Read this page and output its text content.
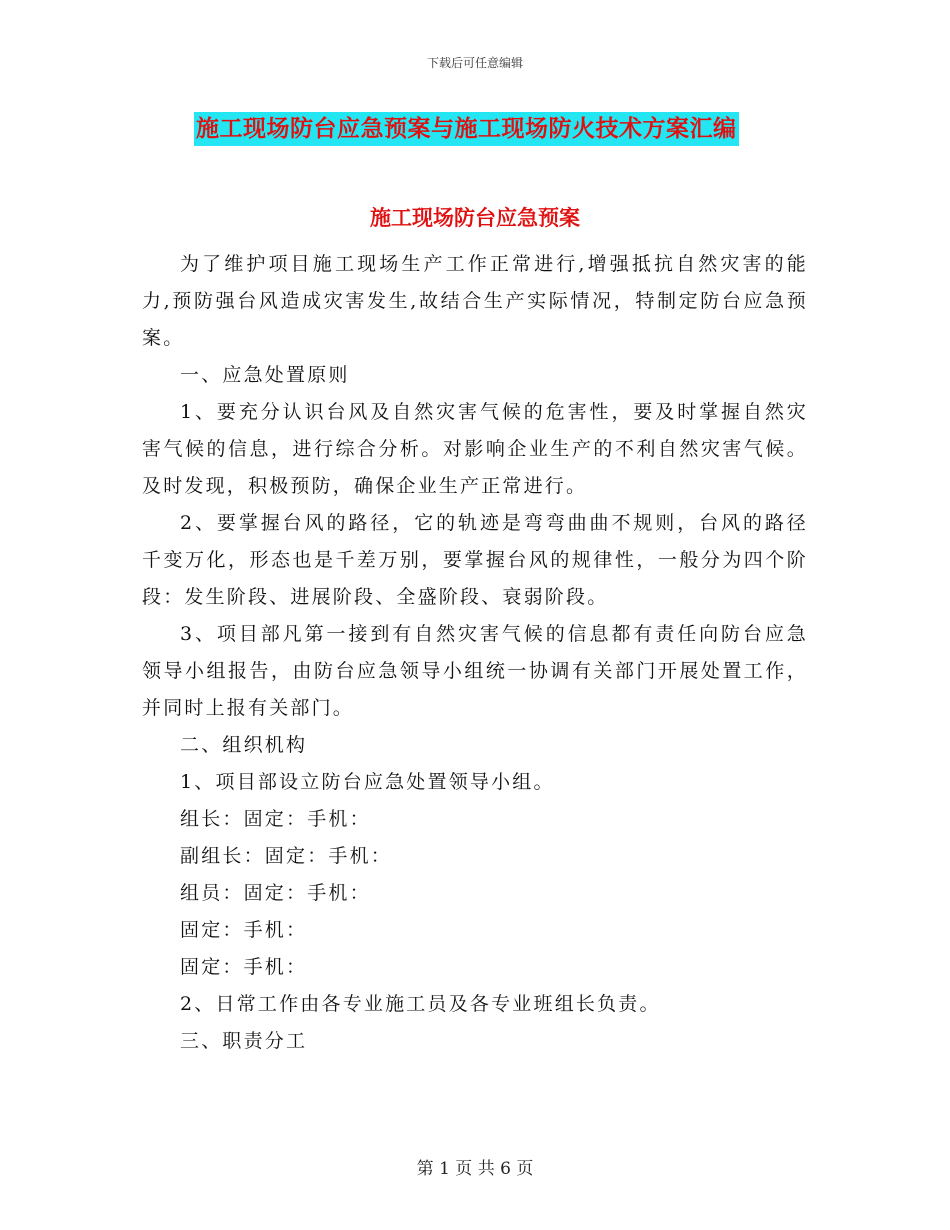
下载后可任意编辑
施工现场防台应急预案与施工现场防火技术方案汇编
施工现场防台应急预案

为了维护项目施工现场生产工作正常进行,增强抵抗自然灾害的能力,预防强台风造成灾害发生,故结合生产实际情况，特制定防台应急预案。

一、应急处置原则

1、要充分认识台风及自然灾害气候的危害性，要及时掌握自然灾害气候的信息，进行综合分析。对影响企业生产的不利自然灾害气候。及时发现，积极预防，确保企业生产正常进行。

2、要掌握台风的路径，它的轨迹是弯弯曲曲不规则，台风的路径千变万化，形态也是千差万别，要掌握台风的规律性，一般分为四个阶段：发生阶段、进展阶段、全盛阶段、衰弱阶段。

3、项目部凡第一接到有自然灾害气候的信息都有责任向防台应急领导小组报告，由防台应急领导小组统一协调有关部门开展处置工作，并同时上报有关部门。

二、组织机构

1、项目部设立防台应急处置领导小组。

组长：固定：手机：

副组长：固定：手机：

组员：固定：手机：

固定：手机：

固定：手机：

2、日常工作由各专业施工员及各专业班组长负责。

三、职责分工

第 1 页 共 6 页
